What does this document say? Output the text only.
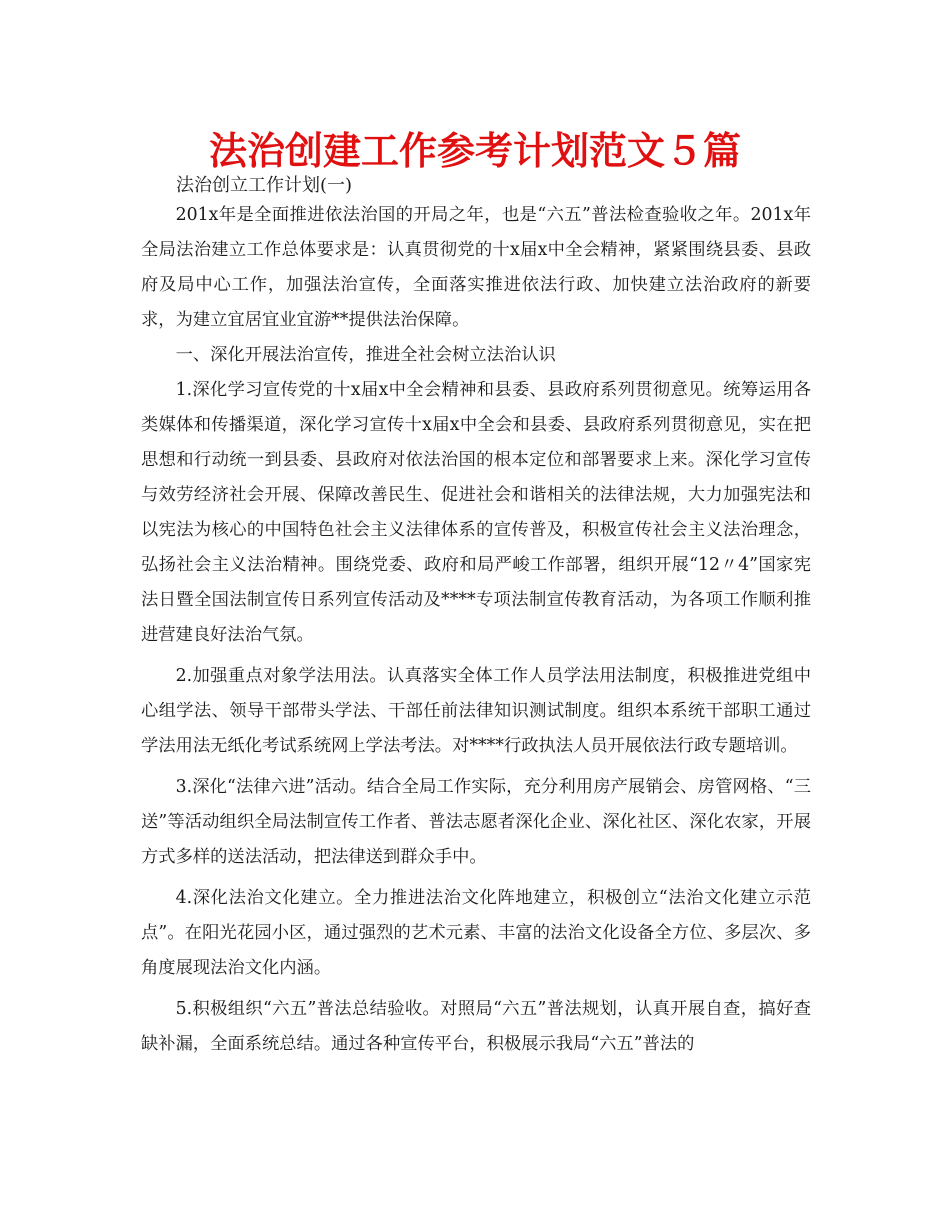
法治创建工作参考计划范文５篇

法治创立工作计划(一)

201x年是全面推进依法治国的开局之年，也是“六五”普法检查验收之年。201x年全局法治建立工作总体要求是：认真贯彻党的十x届x中全会精神，紧紧围绕县委、县政府及局中心工作，加强法治宣传，全面落实推进依法行政、加快建立法治政府的新要求，为建立宜居宜业宜游**提供法治保障。

一、深化开展法治宣传，推进全社会树立法治认识

1.深化学习宣传党的十x届x中全会精神和县委、县政府系列贯彻意见。统筹运用各类媒体和传播渠道，深化学习宣传十x届x中全会和县委、县政府系列贯彻意见，实在把思想和行动统一到县委、县政府对依法治国的根本定位和部署要求上来。深化学习宣传与效劳经济社会开展、保障改善民生、促进社会和谐相关的法律法规，大力加强宪法和以宪法为核心的中国特色社会主义法律体系的宣传普及，积极宣传社会主义法治理念，弘扬社会主义法治精神。围绕党委、政府和局严峻工作部署，组织开展“12〃4”国家宪法日暨全国法制宣传日系列宣传活动及****专项法制宣传教育活动，为各项工作顺利推进营建良好法治气氛。

2.加强重点对象学法用法。认真落实全体工作人员学法用法制度，积极推进党组中心组学法、领导干部带头学法、干部任前法律知识测试制度。组织本系统干部职工通过学法用法无纸化考试系统网上学法考法。对****行政执法人员开展依法行政专题培训。

3.深化“法律六进”活动。结合全局工作实际，充分利用房产展销会、房管网格、“三送”等活动组织全局法制宣传工作者、普法志愿者深化企业、深化社区、深化农家，开展方式多样的送法活动，把法律送到群众手中。

4.深化法治文化建立。全力推进法治文化阵地建立，积极创立“法治文化建立示范点”。在阳光花园小区，通过强烈的艺术元素、丰富的法治文化设备全方位、多层次、多角度展现法治文化内涵。

5.积极组织“六五”普法总结验收。对照局“六五”普法规划，认真开展自查，搞好查缺补漏，全面系统总结。通过各种宣传平台，积极展示我局“六五”普法的
